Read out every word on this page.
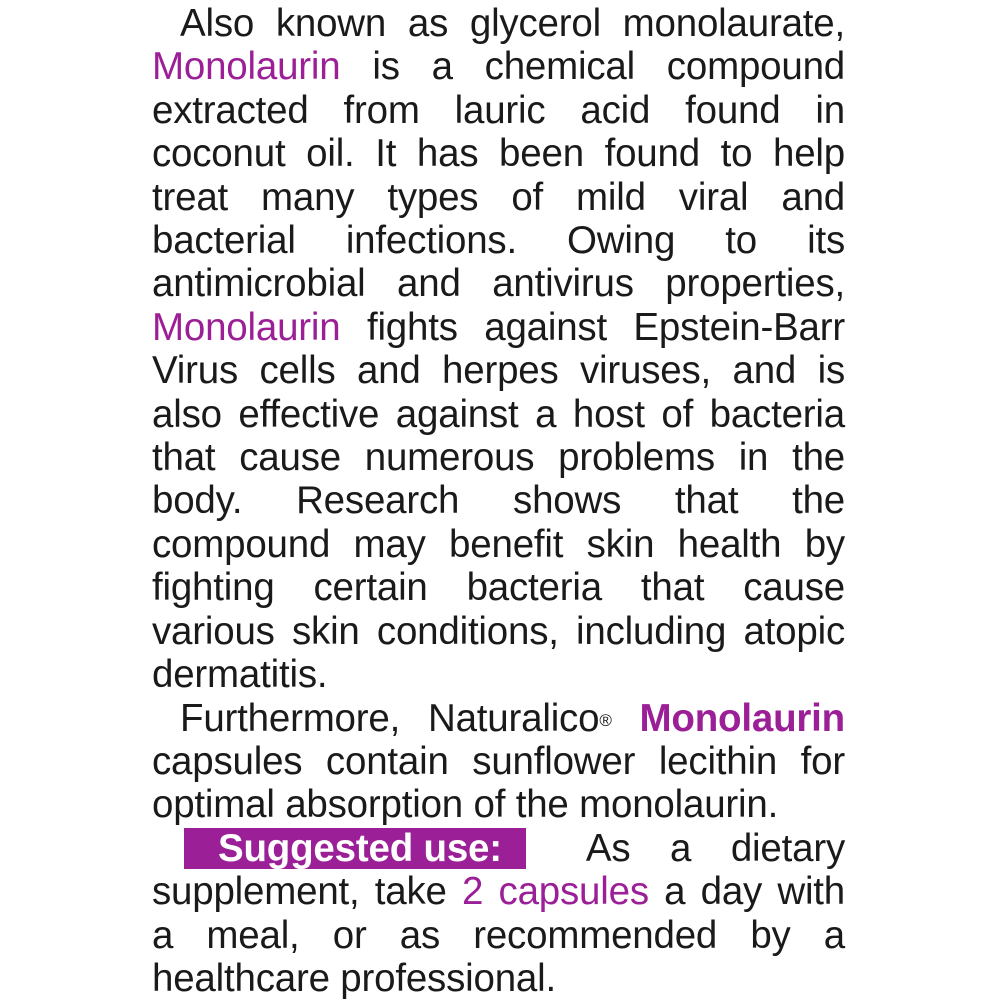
Also known as glycerol monolaurate, Monolaurin is a chemical compound extracted from lauric acid found in coconut oil. It has been found to help treat many types of mild viral and bacterial infections. Owing to its antimicrobial and antivirus properties, Monolaurin fights against Epstein-Barr Virus cells and herpes viruses, and is also effective against a host of bacteria that cause numerous problems in the body. Research shows that the compound may benefit skin health by fighting certain bacteria that cause various skin conditions, including atopic dermatitis.

Furthermore, Naturalico® Monolaurin capsules contain sunflower lecithin for optimal absorption of the monolaurin.

Suggested use: As a dietary supplement, take 2 capsules a day with a meal, or as recommended by a healthcare professional.
